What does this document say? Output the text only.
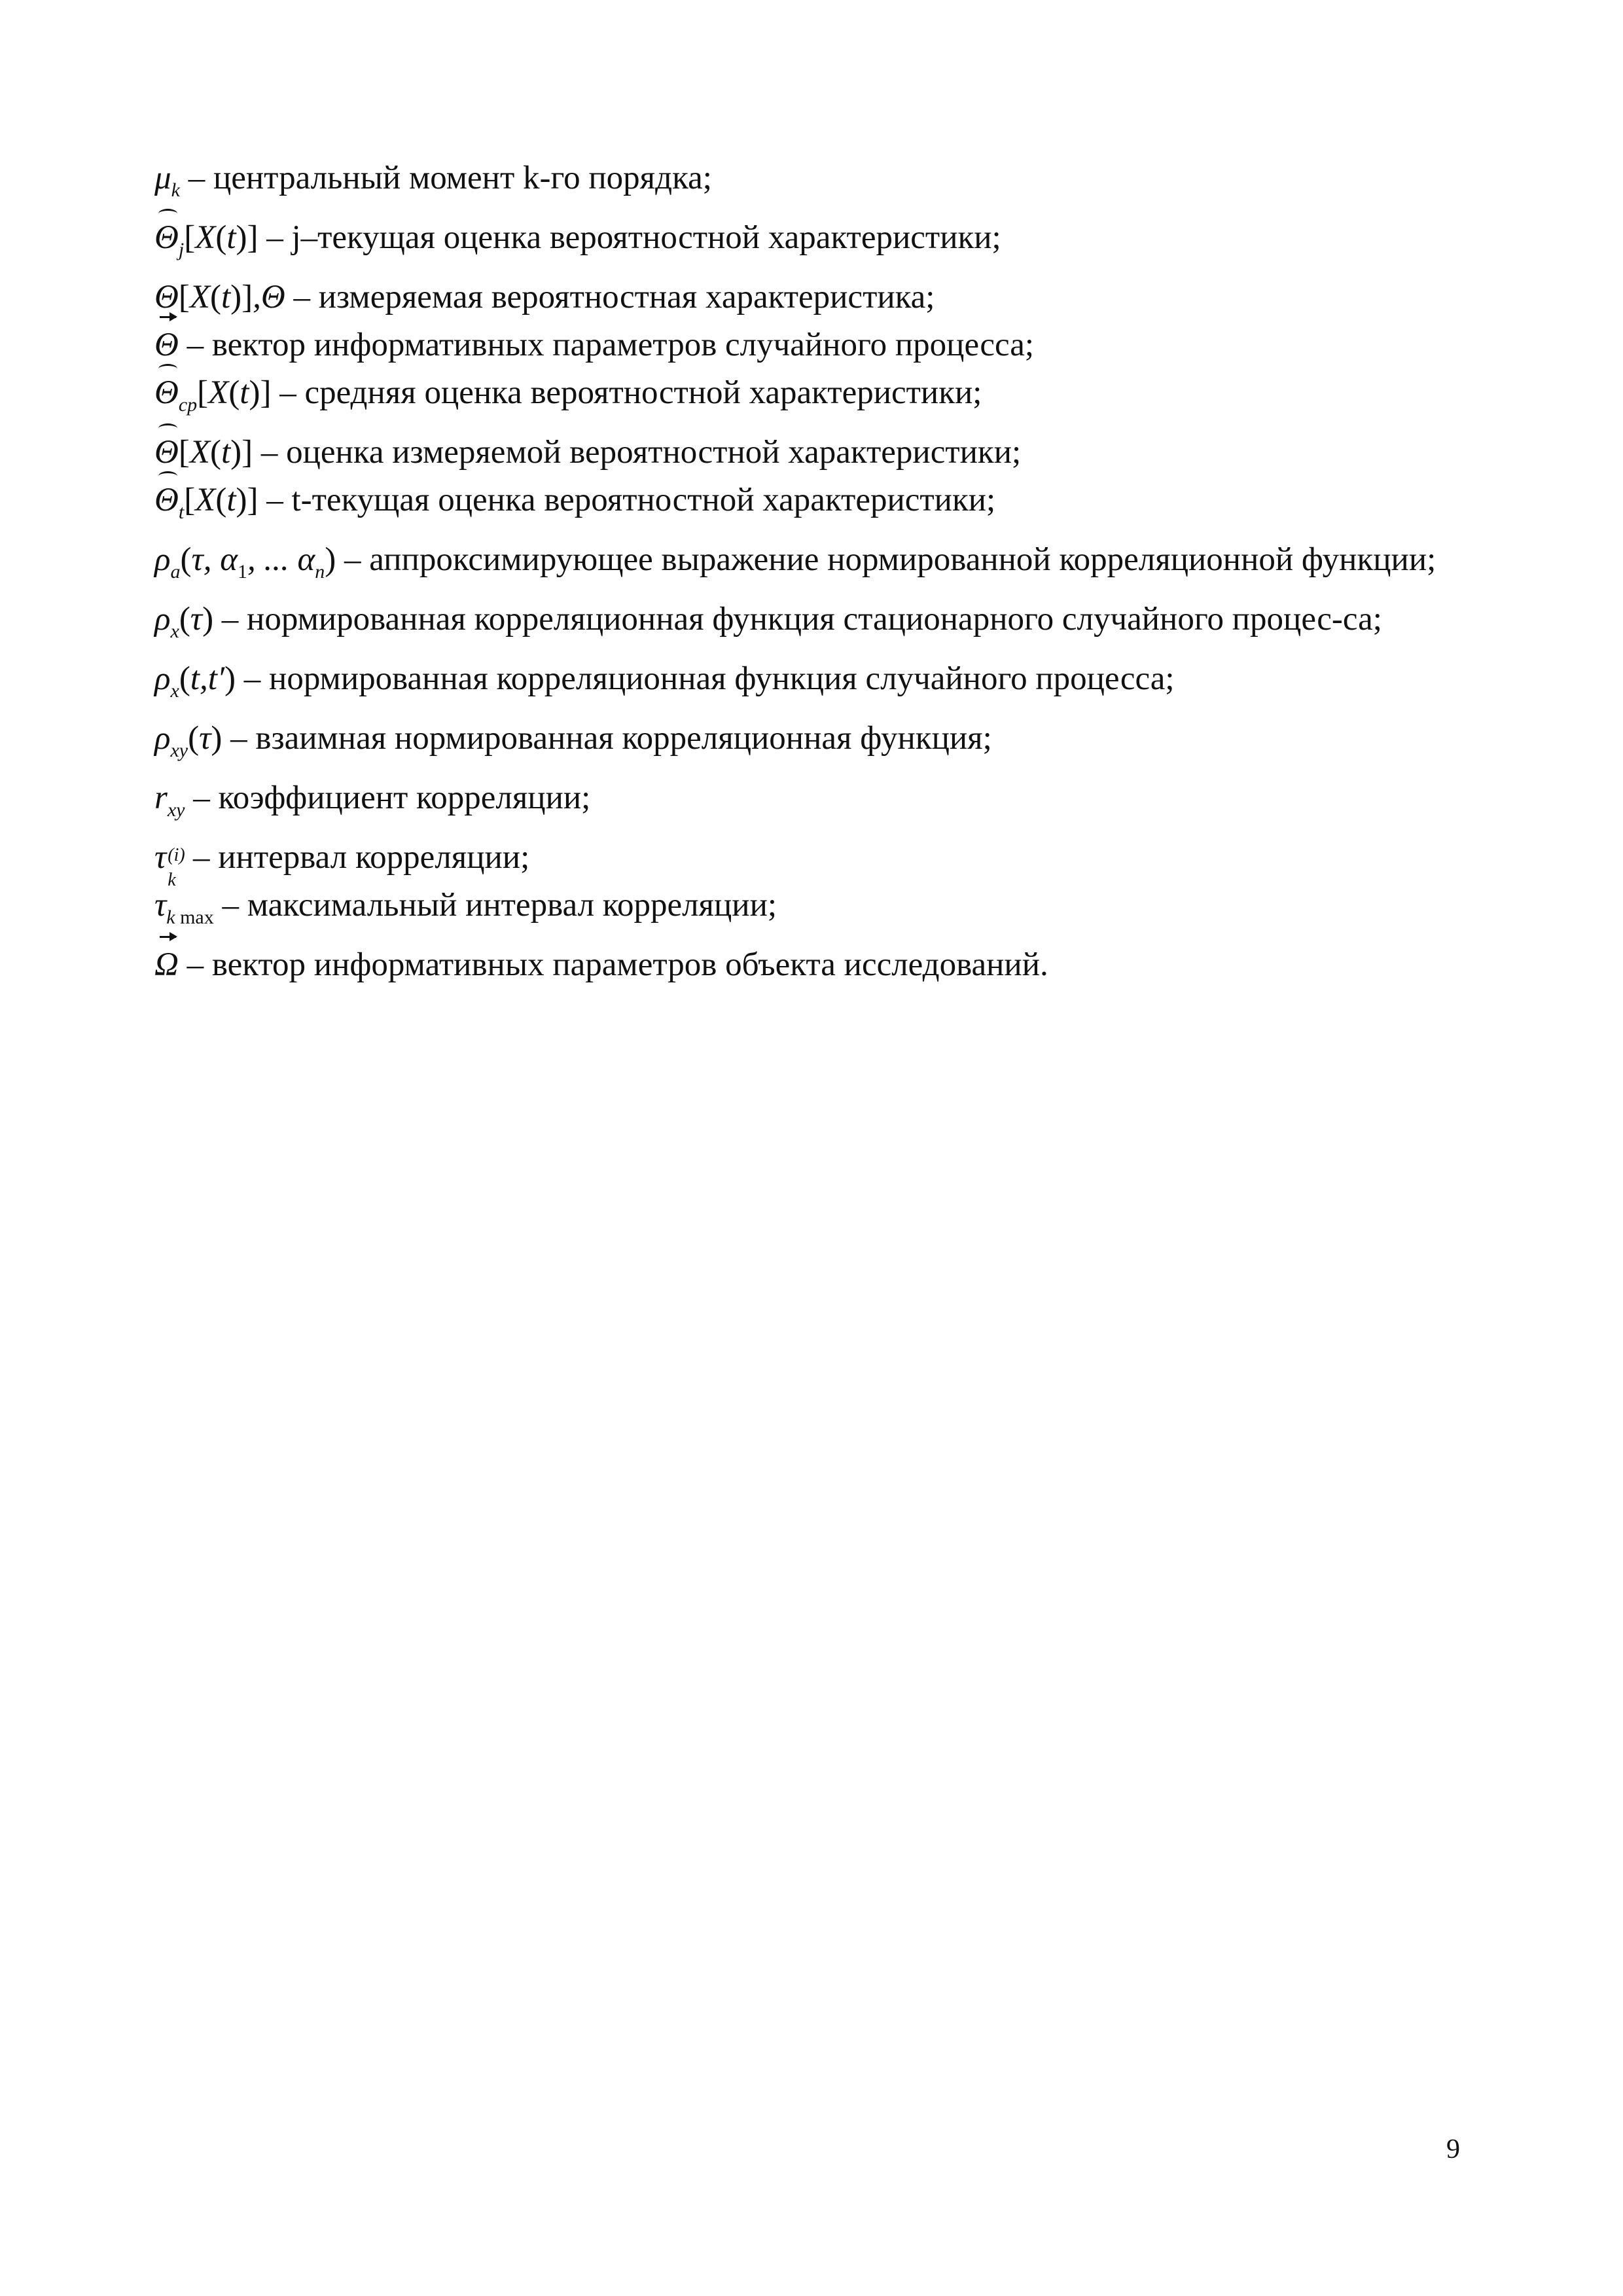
$\mu_k$ – центральный момент k-го порядка;

$\Theta_j[X(t)]$ – j–текущая оценка вероятностной характеристики;

Θ[X(t)],Θ – измеряемая вероятностная характеристика;

Θ – вектор информативных параметров случайного процесса;

$\Theta_{ср}[X(t)]$ – средняя оценка вероятностной характеристики;

Θ[X(t)] – оценка измеряемой вероятностной характеристики;

$\Theta_t[X(t)]$ – t-текущая оценка вероятностной характеристики;

$\rho_a(\tau$, $\alpha_1$, ... $\alpha_n$) – аппроксимирующее выражение нормированной корреляционной функции;

$\rho_x(\tau)$ – нормированная корреляционная функция стационарного случайного процес-са;

$\rho_x(t,t')$ – нормированная корреляционная функция случайного процесса;

$\rho_{xy}(\tau)$ – взаимная нормированная корреляционная функция;

$r_{xy}$ – коэффициент корреляции;

τ (i)
k
– интервал корреляции;

$\tau_{k max}$ – максимальный интервал корреляции;

Ω – вектор информативных параметров объекта исследований.

9
